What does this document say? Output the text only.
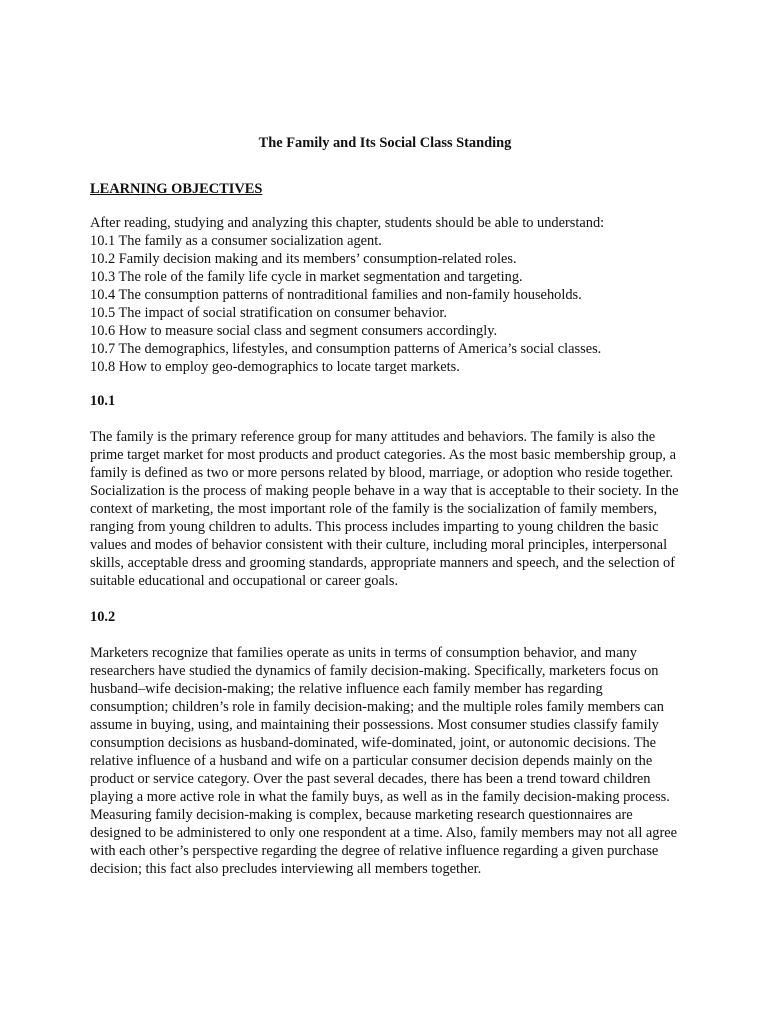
The Family and Its Social Class Standing
LEARNING OBJECTIVES

After reading, studying and analyzing this chapter, students should be able to understand:

10.1 The family as a consumer socialization agent.
10.2 Family decision making and its members’ consumption-related roles.
10.3 The role of the family life cycle in market segmentation and targeting.
10.4 The consumption patterns of nontraditional families and non-family households.
10.5 The impact of social stratification on consumer behavior.
10.6 How to measure social class and segment consumers accordingly.
10.7 The demographics, lifestyles, and consumption patterns of America’s social classes.
10.8 How to employ geo-demographics to locate target markets.
10.1

The family is the primary reference group for many attitudes and behaviors. The family is also the prime target market for most products and product categories. As the most basic membership group, a family is defined as two or more persons related by blood, marriage, or adoption who reside together. Socialization is the process of making people behave in a way that is acceptable to their society. In the context of marketing, the most important role of the family is the socialization of family members, ranging from young children to adults. This process includes imparting to young children the basic values and modes of behavior consistent with their culture, including moral principles, interpersonal skills, acceptable dress and grooming standards, appropriate manners and speech, and the selection of suitable educational and occupational or career goals.

10.2

Marketers recognize that families operate as units in terms of consumption behavior, and many researchers have studied the dynamics of family decision-making. Specifically, marketers focus on husband–wife decision-making; the relative influence each family member has regarding consumption; children’s role in family decision-making; and the multiple roles family members can assume in buying, using, and maintaining their possessions. Most consumer studies classify family consumption decisions as husband-dominated, wife-dominated, joint, or autonomic decisions. The relative influence of a husband and wife on a particular consumer decision depends mainly on the product or service category. Over the past several decades, there has been a trend toward children playing a more active role in what the family buys, as well as in the family decision-making process. Measuring family decision-making is complex, because marketing research questionnaires are designed to be administered to only one respondent at a time. Also, family members may not all agree with each other’s perspective regarding the degree of relative influence regarding a given purchase decision; this fact also precludes interviewing all members together.
